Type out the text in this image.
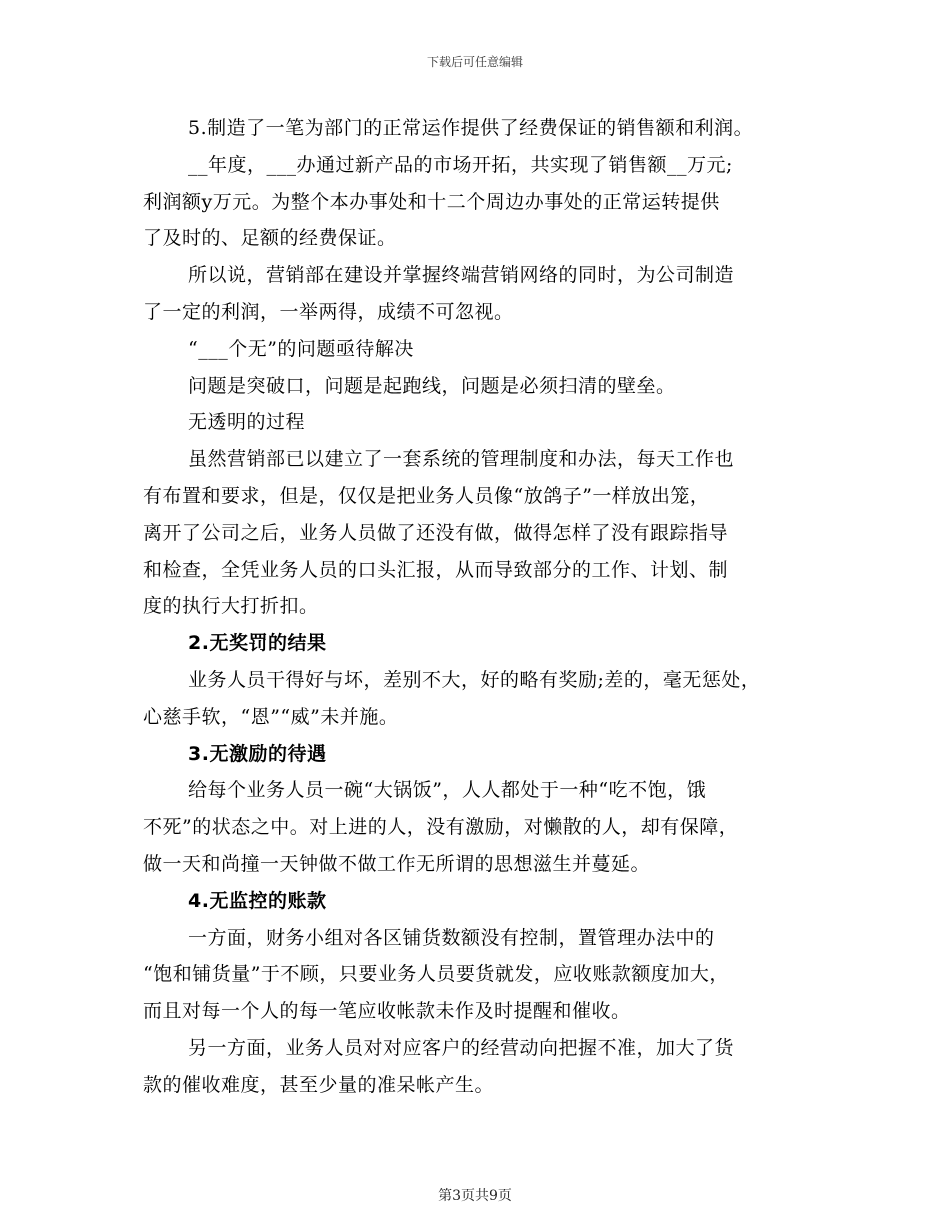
下载后可任意编辑
5.制造了一笔为部门的正常运作提供了经费保证的销售额和利润。
__年度，___办通过新产品的市场开拓，共实现了销售额__万元;
利润额y万元。为整个本办事处和十二个周边办事处的正常运转提供
了及时的、足额的经费保证。
所以说，营销部在建设并掌握终端营销网络的同时，为公司制造
了一定的利润，一举两得，成绩不可忽视。
“___个无”的问题亟待解决
问题是突破口，问题是起跑线，问题是必须扫清的壁垒。
无透明的过程
虽然营销部已以建立了一套系统的管理制度和办法，每天工作也
有布置和要求，但是，仅仅是把业务人员像“放鸽子”一样放出笼，
离开了公司之后，业务人员做了还没有做，做得怎样了没有跟踪指导
和检查，全凭业务人员的口头汇报，从而导致部分的工作、计划、制
度的执行大打折扣。
2.无奖罚的结果
业务人员干得好与坏，差别不大，好的略有奖励;差的，毫无惩处，
心慈手软，“恩”“威”未并施。
3.无激励的待遇
给每个业务人员一碗“大锅饭”，人人都处于一种“吃不饱，饿
不死”的状态之中。对上进的人，没有激励，对懒散的人，却有保障，
做一天和尚撞一天钟做不做工作无所谓的思想滋生并蔓延。
4.无监控的账款
一方面，财务小组对各区铺货数额没有控制，置管理办法中的
“饱和铺货量”于不顾，只要业务人员要货就发，应收账款额度加大，
而且对每一个人的每一笔应收帐款未作及时提醒和催收。
另一方面，业务人员对对应客户的经营动向把握不准，加大了货
款的催收难度，甚至少量的准呆帐产生。
第3页共9页
